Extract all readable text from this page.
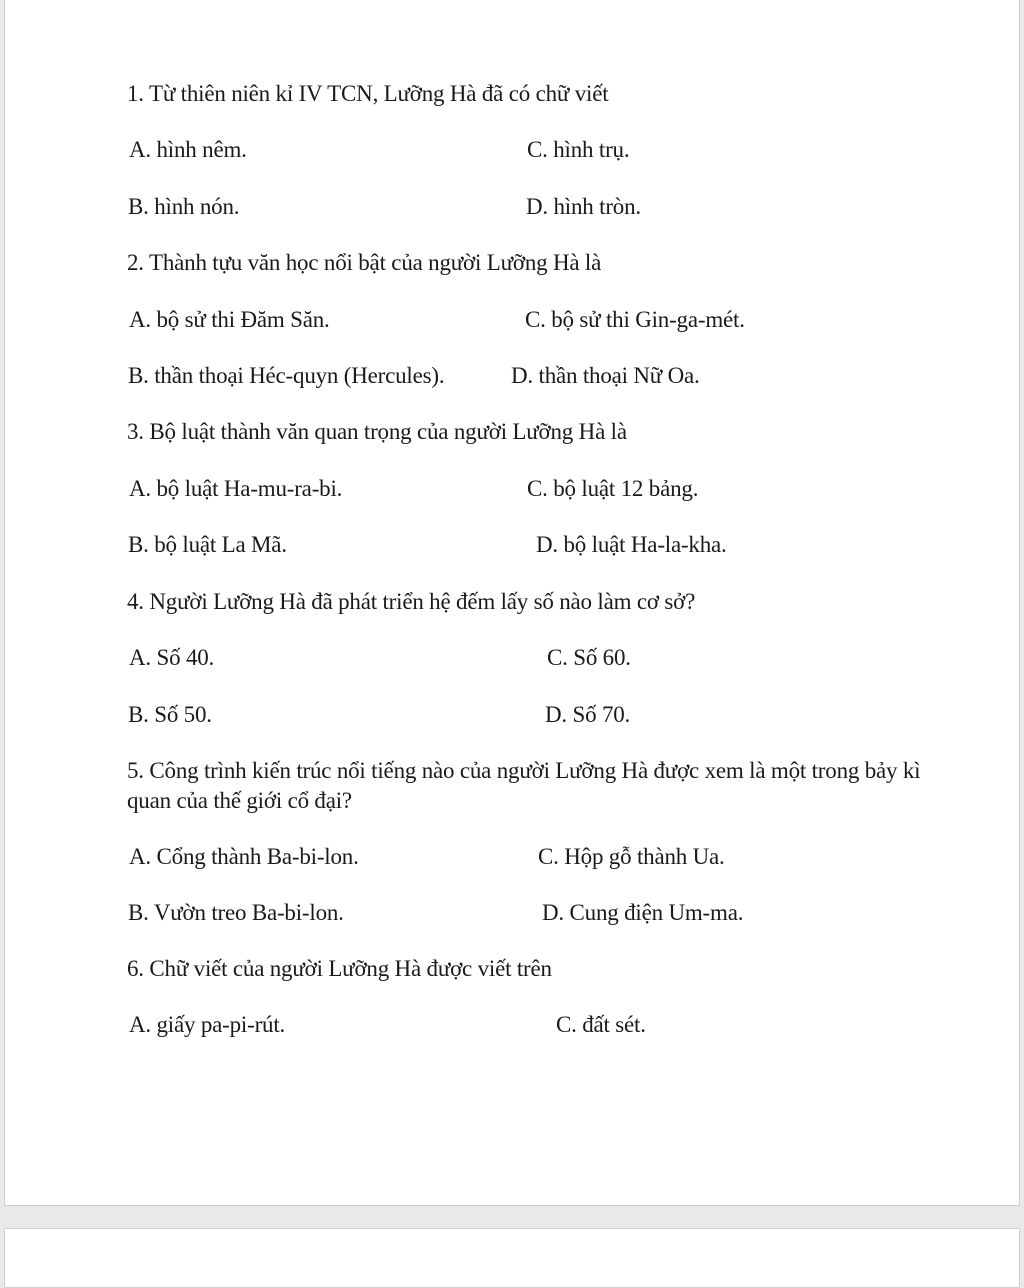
1. Từ thiên niên kỉ IV TCN, Lưỡng Hà đã có chữ viết
A. hình nêm.	C. hình trụ.
B. hình nón.	D. hình tròn.
2. Thành tựu văn học nổi bật của người Lưỡng Hà là
A. bộ sử thi Đăm Săn.	C. bộ sử thi Gin-ga-mét.
B. thần thoại Héc-quyn (Hercules).	D. thần thoại Nữ Oa.
3. Bộ luật thành văn quan trọng của người Lưỡng Hà là
A. bộ luật Ha-mu-ra-bi.	C. bộ luật 12 bảng.
B. bộ luật La Mã.	D. bộ luật Ha-la-kha.
4. Người Lưỡng Hà đã phát triển hệ đếm lấy số nào làm cơ sở?
A. Số 40.	C. Số 60.
B. Số 50.	D. Số 70.
5. Công trình kiến trúc nổi tiếng nào của người Lưỡng Hà được xem là một trong bảy kì quan của thế giới cổ đại?
A. Cổng thành Ba-bi-lon.	C. Hộp gỗ thành Ua.
B. Vườn treo Ba-bi-lon.	D. Cung điện Um-ma.
6. Chữ viết của người Lưỡng Hà được viết trên
A. giấy pa-pi-rút.	C. đất sét.
